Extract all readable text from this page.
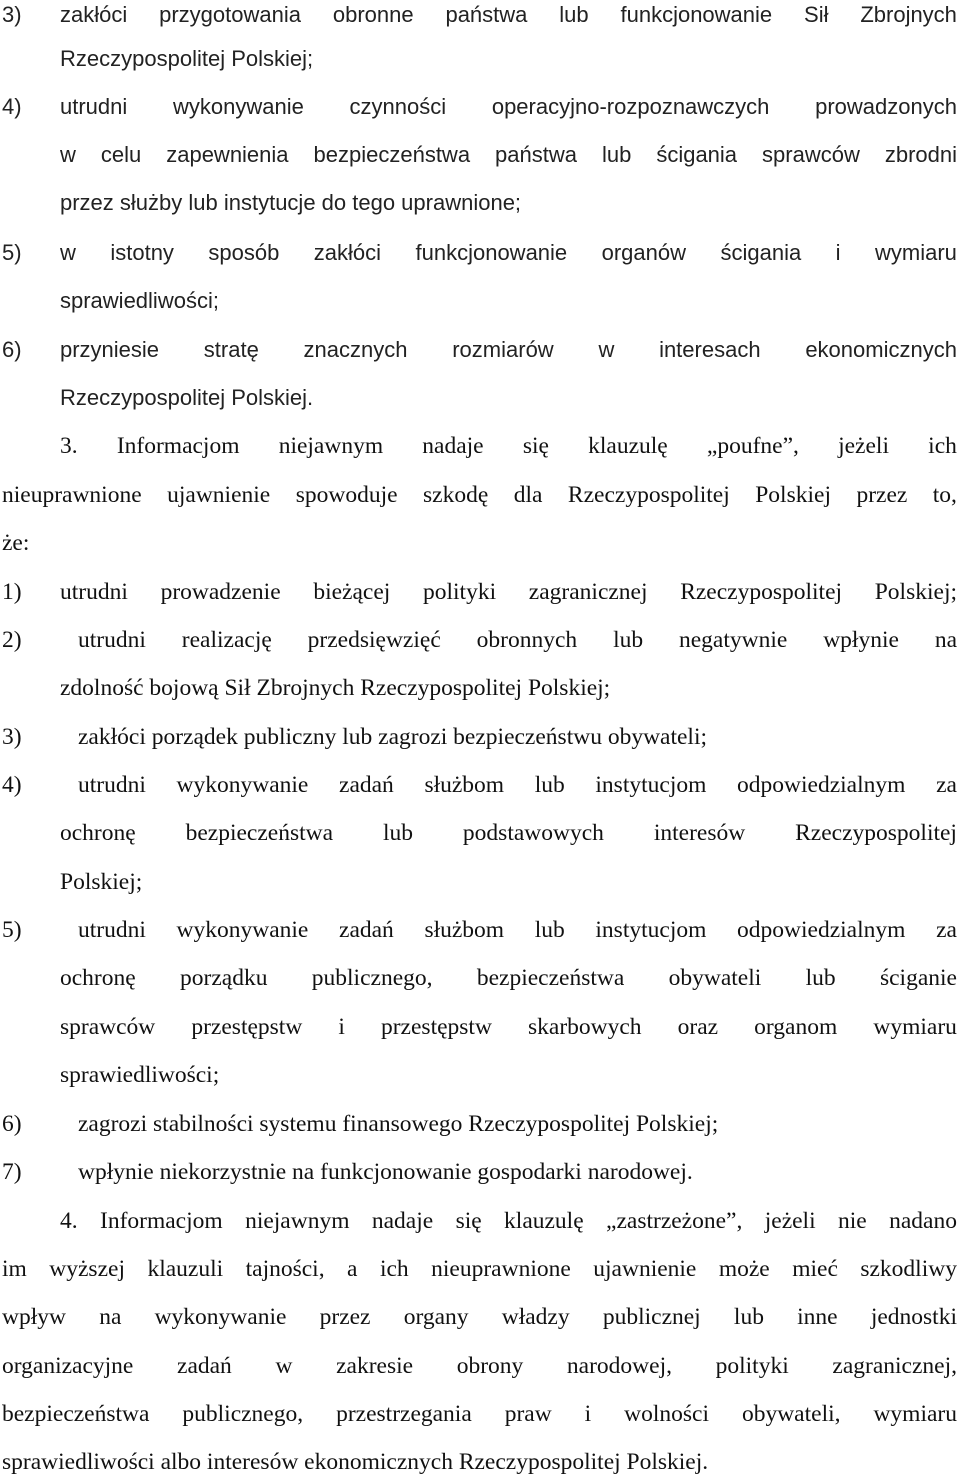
3) zakłóci przygotowania obronne państwa lub funkcjonowanie Sił Zbrojnych
Rzeczypospolitej Polskiej;
4) utrudni wykonywanie czynności operacyjno-rozpoznawczych prowadzonych
w celu zapewnienia bezpieczeństwa państwa lub ścigania sprawców zbrodni
przez służby lub instytucje do tego uprawnione;
5) w istotny sposób zakłóci funkcjonowanie organów ścigania i wymiaru
sprawiedliwości;
6) przyniesie stratę znacznych rozmiarów w interesach ekonomicznych
Rzeczypospolitej Polskiej.
3. Informacjom niejawnym nadaje się klauzulę „poufne”, jeżeli ich
nieuprawnione ujawnienie spowoduje szkodę dla Rzeczypospolitej Polskiej przez to,
że:
1) utrudni prowadzenie bieżącej polityki zagranicznej Rzeczypospolitej Polskiej;
2) utrudni realizację przedsięwzięć obronnych lub negatywnie wpłynie na
zdolność bojową Sił Zbrojnych Rzeczypospolitej Polskiej;
3) zakłóci porządek publiczny lub zagrozi bezpieczeństwu obywateli;
4) utrudni wykonywanie zadań służbom lub instytucjom odpowiedzialnym za
ochronę bezpieczeństwa lub podstawowych interesów Rzeczypospolitej
Polskiej;
5) utrudni wykonywanie zadań służbom lub instytucjom odpowiedzialnym za
ochronę porządku publicznego, bezpieczeństwa obywateli lub ściganie
sprawców przestępstw i przestępstw skarbowych oraz organom wymiaru
sprawiedliwości;
6) zagrozi stabilności systemu finansowego Rzeczypospolitej Polskiej;
7) wpłynie niekorzystnie na funkcjonowanie gospodarki narodowej.
4. Informacjom niejawnym nadaje się klauzulę „zastrzeżone”, jeżeli nie nadano
im wyższej klauzuli tajności, a ich nieuprawnione ujawnienie może mieć szkodliwy
wpływ na wykonywanie przez organy władzy publicznej lub inne jednostki
organizacyjne zadań w zakresie obrony narodowej, polityki zagranicznej,
bezpieczeństwa publicznego, przestrzegania praw i wolności obywateli, wymiaru
sprawiedliwości albo interesów ekonomicznych Rzeczypospolitej Polskiej.
